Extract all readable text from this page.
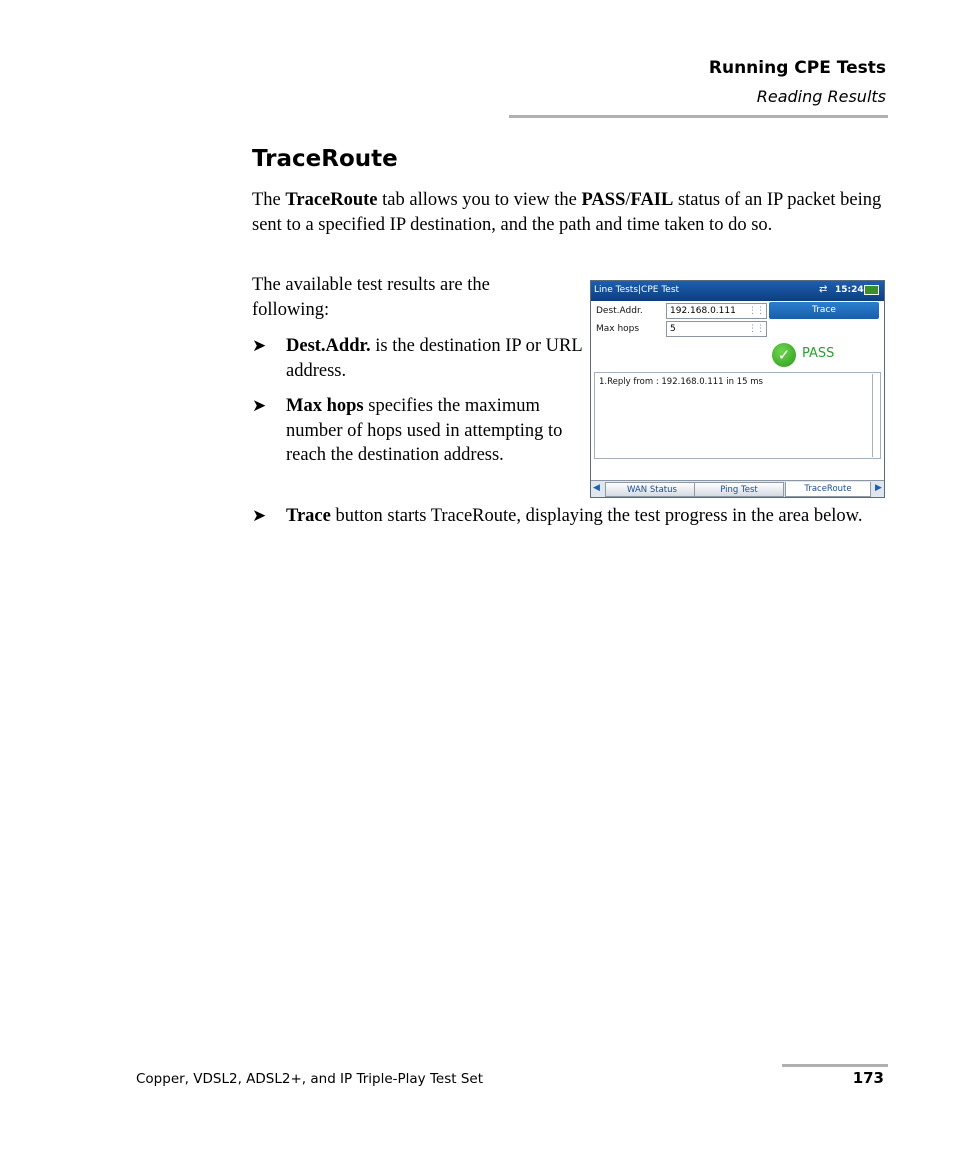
Running CPE Tests
Reading Results
TraceRoute
The TraceRoute tab allows you to view the PASS/FAIL status of an IP packet being sent to a specified IP destination, and the path and time taken to do so.
The available test results are the following:
➤ Dest.Addr. is the destination IP or URL address.
➤ Max hops specifies the maximum number of hops used in attempting to reach the destination address.
➤ Trace button starts TraceRoute, displaying the test progress in the area below.
Line Tests|CPE Test	⇄ 15:24
Dest.Addr.	192.168.0.111 ⋮⋮
Max hops	5	⋮⋮
Trace
✓ PASS
1.Reply from : 192.168.0.111 in 15 ms
◀	WAN Status	Ping Test	TraceRoute	▶
Copper, VDSL2, ADSL2+, and IP Triple-Play Test Set	173
